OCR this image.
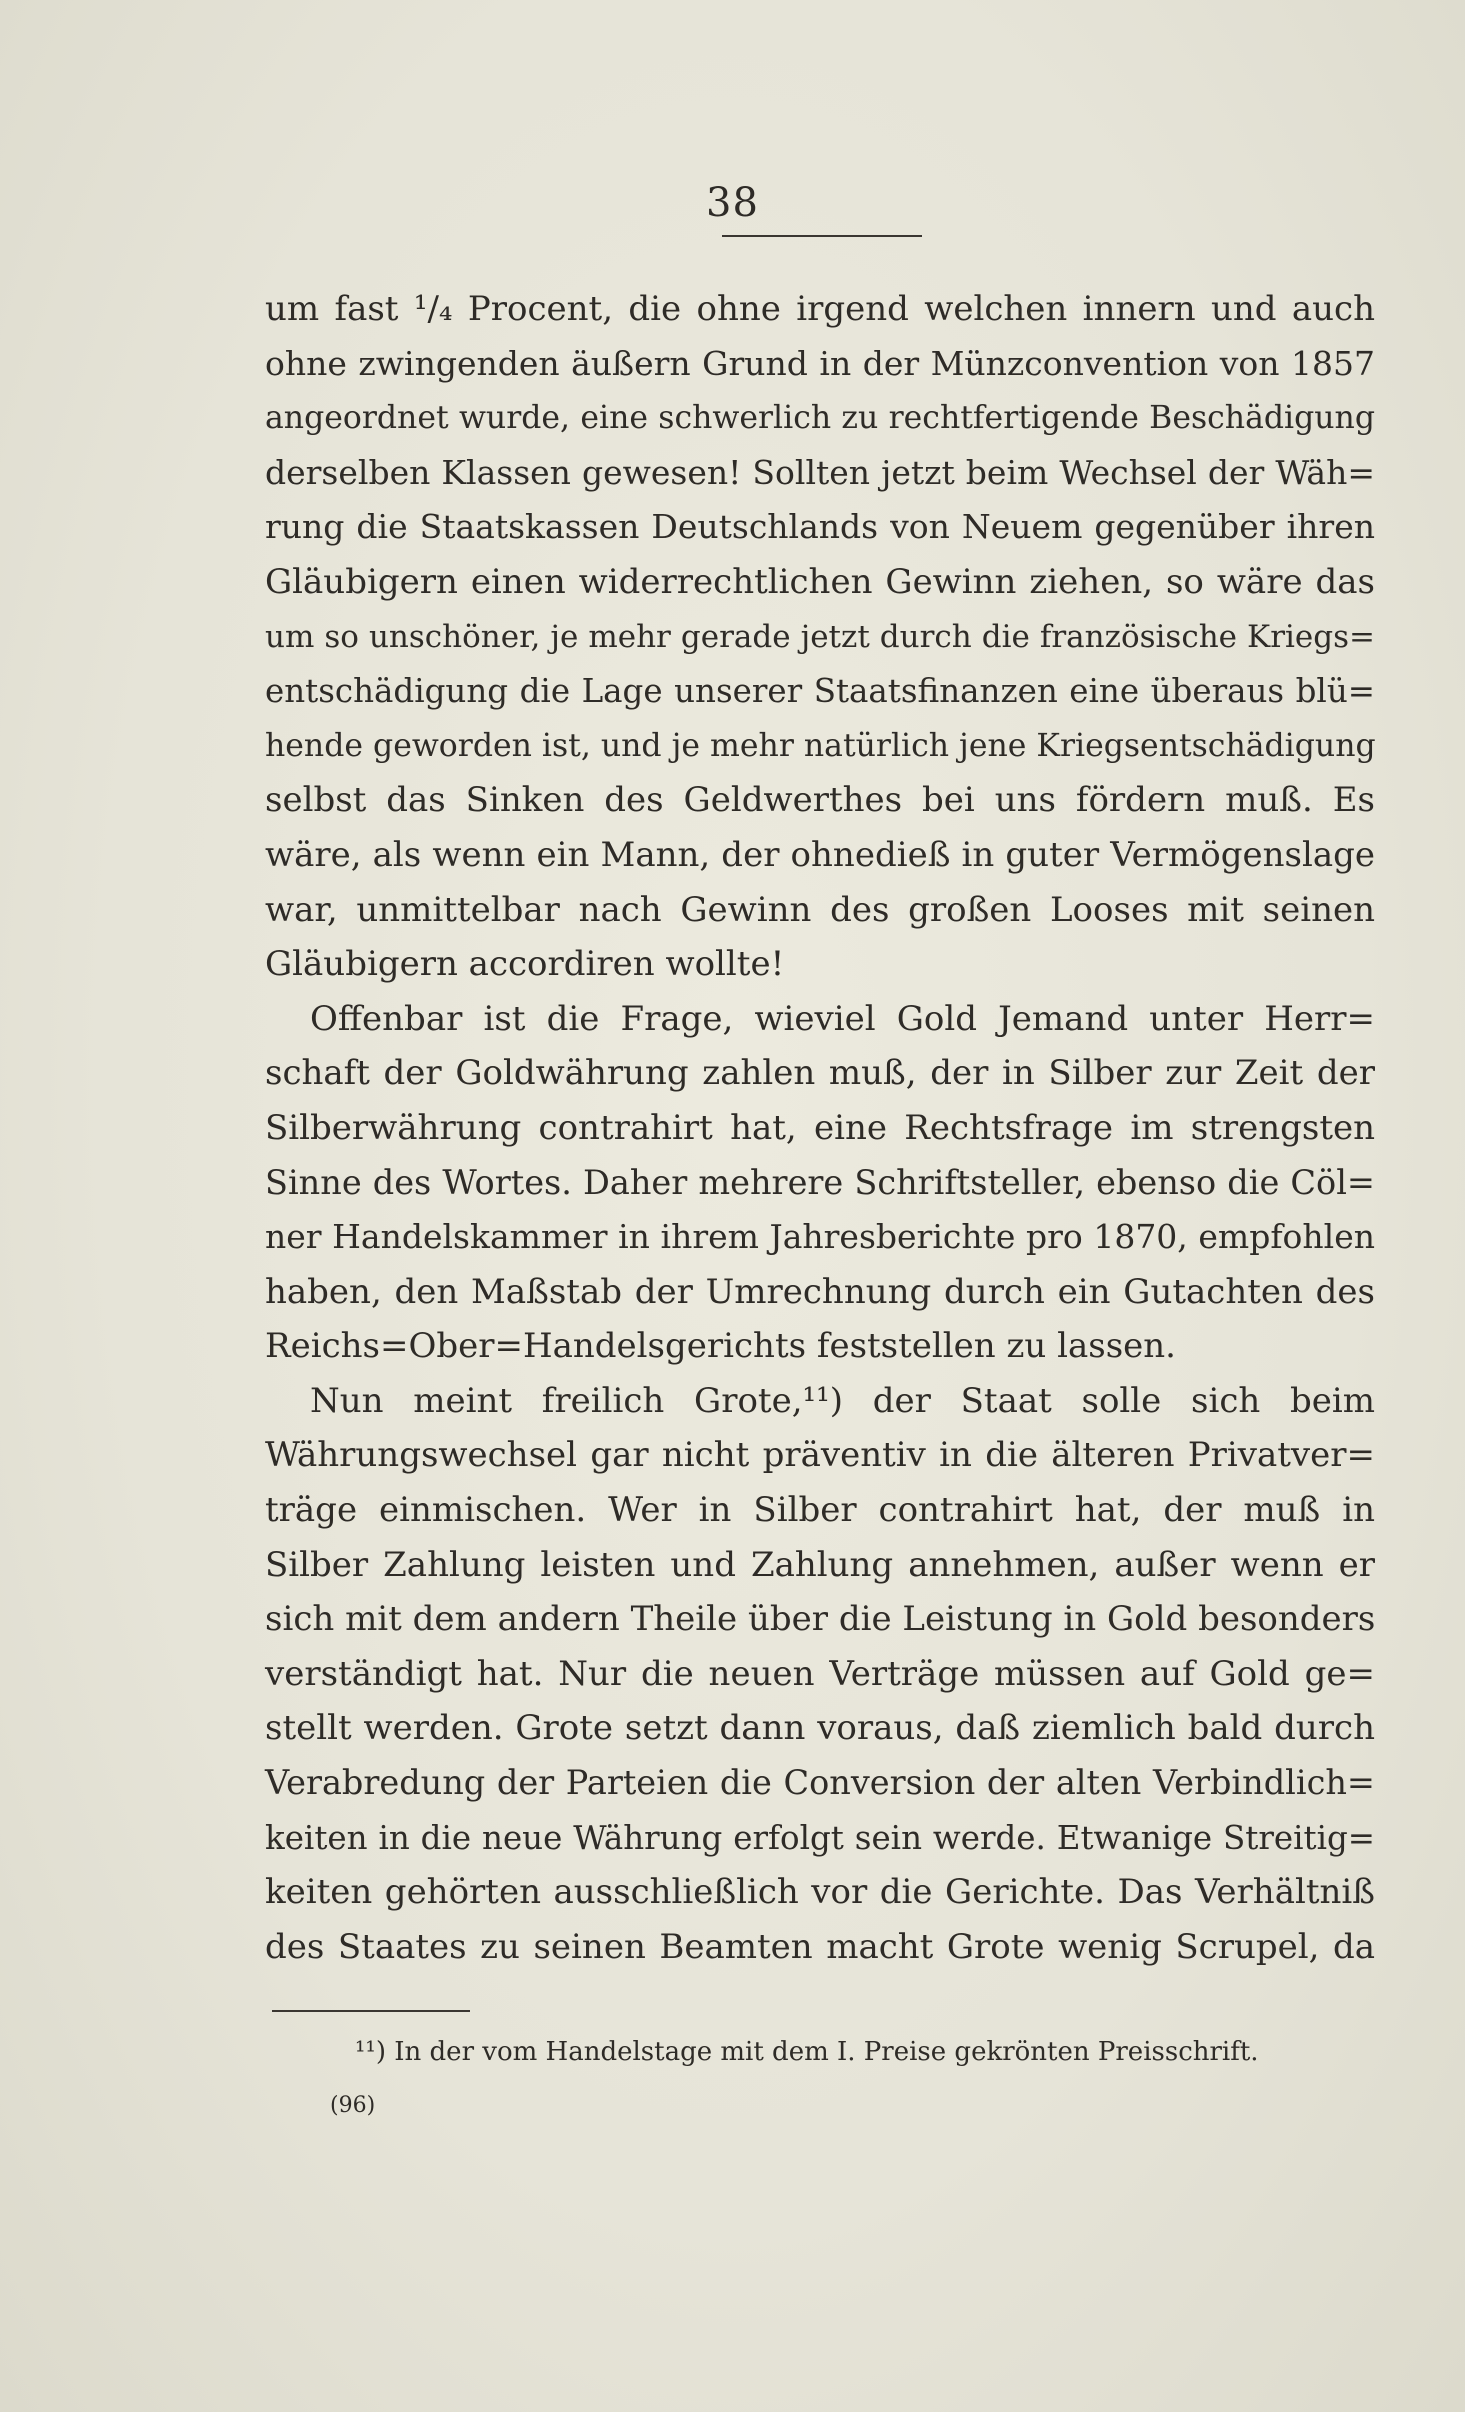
38
um fast ¹/₄ Procent, die ohne irgend welchen innern und auch
ohne zwingenden äußern Grund in der Münzconvention von 1857
angeordnet wurde, eine schwerlich zu rechtfertigende Beschädigung
derselben Klassen gewesen! Sollten jetzt beim Wechsel der Wäh=
rung die Staatskassen Deutschlands von Neuem gegenüber ihren
Gläubigern einen widerrechtlichen Gewinn ziehen, so wäre das
um so unschöner, je mehr gerade jetzt durch die französische Kriegs=
entschädigung die Lage unserer Staatsfinanzen eine überaus blü=
hende geworden ist, und je mehr natürlich jene Kriegsentschädigung
selbst das Sinken des Geldwerthes bei uns fördern muß. Es
wäre, als wenn ein Mann, der ohnedieß in guter Vermögenslage
war, unmittelbar nach Gewinn des großen Looses mit seinen
Gläubigern accordiren wollte!
Offenbar ist die Frage, wieviel Gold Jemand unter Herr=
schaft der Goldwährung zahlen muß, der in Silber zur Zeit der
Silberwährung contrahirt hat, eine Rechtsfrage im strengsten
Sinne des Wortes. Daher mehrere Schriftsteller, ebenso die Cöl=
ner Handelskammer in ihrem Jahresberichte pro 1870, empfohlen
haben, den Maßstab der Umrechnung durch ein Gutachten des
Reichs=Ober=Handelsgerichts feststellen zu lassen.
Nun meint freilich Grote,¹¹) der Staat solle sich beim
Währungswechsel gar nicht präventiv in die älteren Privatver=
träge einmischen. Wer in Silber contrahirt hat, der muß in
Silber Zahlung leisten und Zahlung annehmen, außer wenn er
sich mit dem andern Theile über die Leistung in Gold besonders
verständigt hat. Nur die neuen Verträge müssen auf Gold ge=
stellt werden. Grote setzt dann voraus, daß ziemlich bald durch
Verabredung der Parteien die Conversion der alten Verbindlich=
keiten in die neue Währung erfolgt sein werde. Etwanige Streitig=
keiten gehörten ausschließlich vor die Gerichte. Das Verhältniß
des Staates zu seinen Beamten macht Grote wenig Scrupel, da
¹¹) In der vom Handelstage mit dem I. Preise gekrönten Preisschrift.
(96)
